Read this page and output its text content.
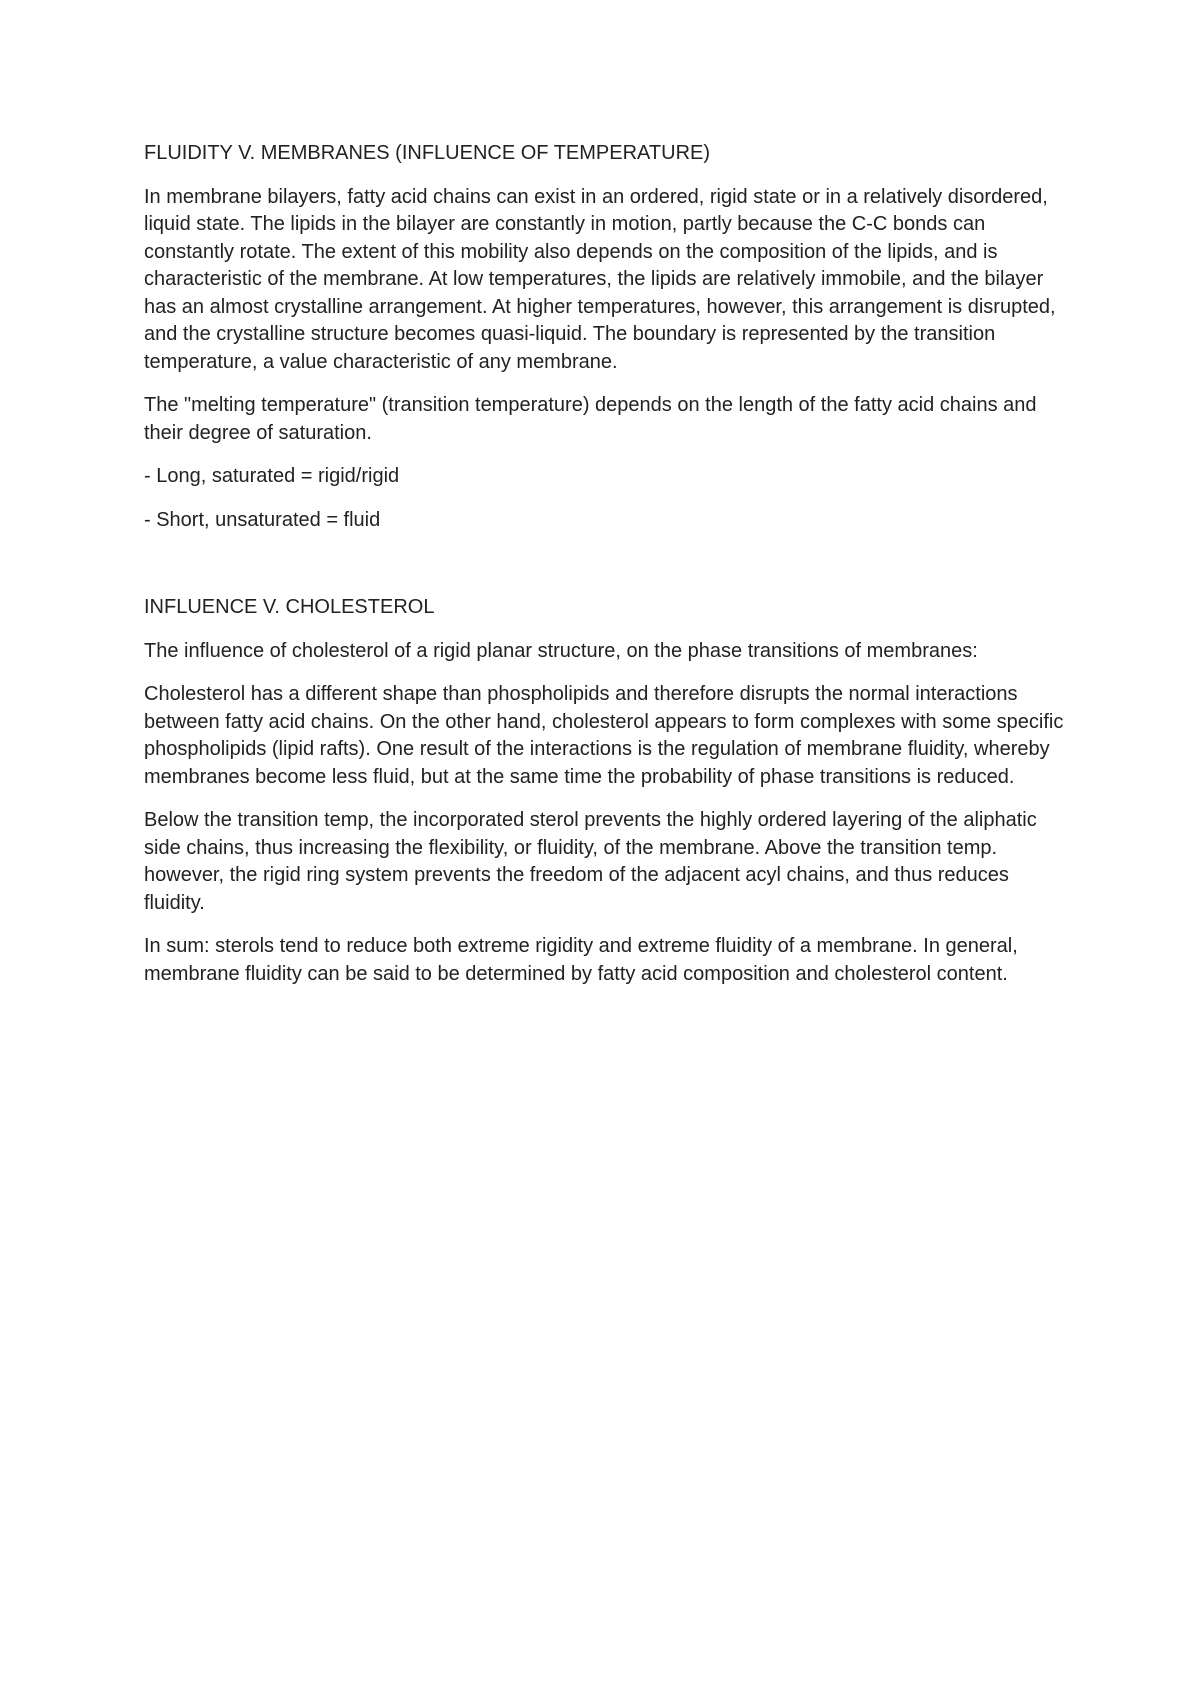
FLUIDITY V. MEMBRANES (INFLUENCE OF TEMPERATURE)

In membrane bilayers, fatty acid chains can exist in an ordered, rigid state or in a relatively disordered, liquid state. The lipids in the bilayer are constantly in motion, partly because the C-C bonds can constantly rotate. The extent of this mobility also depends on the composition of the lipids, and is characteristic of the membrane. At low temperatures, the lipids are relatively immobile, and the bilayer has an almost crystalline arrangement. At higher temperatures, however, this arrangement is disrupted, and the crystalline structure becomes quasi-liquid. The boundary is represented by the transition temperature, a value characteristic of any membrane.

The "melting temperature" (transition temperature) depends on the length of the fatty acid chains and their degree of saturation.

- Long, saturated = rigid/rigid

- Short, unsaturated = fluid

INFLUENCE V. CHOLESTEROL

The influence of cholesterol of a rigid planar structure, on the phase transitions of membranes:

Cholesterol has a different shape than phospholipids and therefore disrupts the normal interactions between fatty acid chains. On the other hand, cholesterol appears to form complexes with some specific phospholipids (lipid rafts). One result of the interactions is the regulation of membrane fluidity, whereby membranes become less fluid, but at the same time the probability of phase transitions is reduced.

Below the transition temp, the incorporated sterol prevents the highly ordered layering of the aliphatic side chains, thus increasing the flexibility, or fluidity, of the membrane. Above the transition temp. however, the rigid ring system prevents the freedom of the adjacent acyl chains, and thus reduces fluidity.

In sum: sterols tend to reduce both extreme rigidity and extreme fluidity of a membrane. In general, membrane fluidity can be said to be determined by fatty acid composition and cholesterol content.
